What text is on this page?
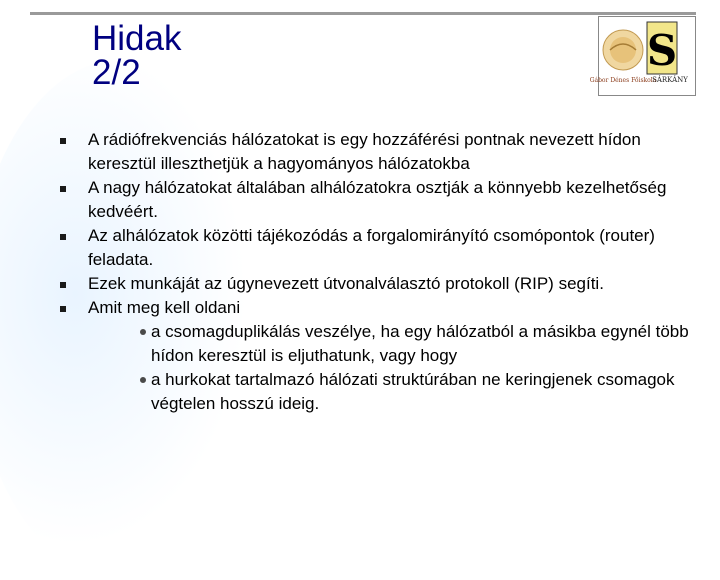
Hidak
2/2	S
Gábor Dénes Főiskola
SÁRKÁNY
A rádiófrekvenciás hálózatokat is egy hozzáférési pontnak nevezett hídon keresztül illeszthetjük a hagyományos hálózatokba
A nagy hálózatokat általában alhálózatokra osztják a könnyebb kezelhetőség kedvéért.
Az alhálózatok közötti tájékozódás a forgalomirányító csomópontok (router) feladata.
Ezek munkáját az úgynevezett útvonalválasztó protokoll (RIP) segíti.
Amit meg kell oldani
a csomagduplikálás veszélye, ha egy hálózatból a másikba egynél több hídon keresztül is eljuthatunk, vagy hogy
a hurkokat tartalmazó hálózati struktúrában ne keringjenek csomagok végtelen hosszú ideig.
